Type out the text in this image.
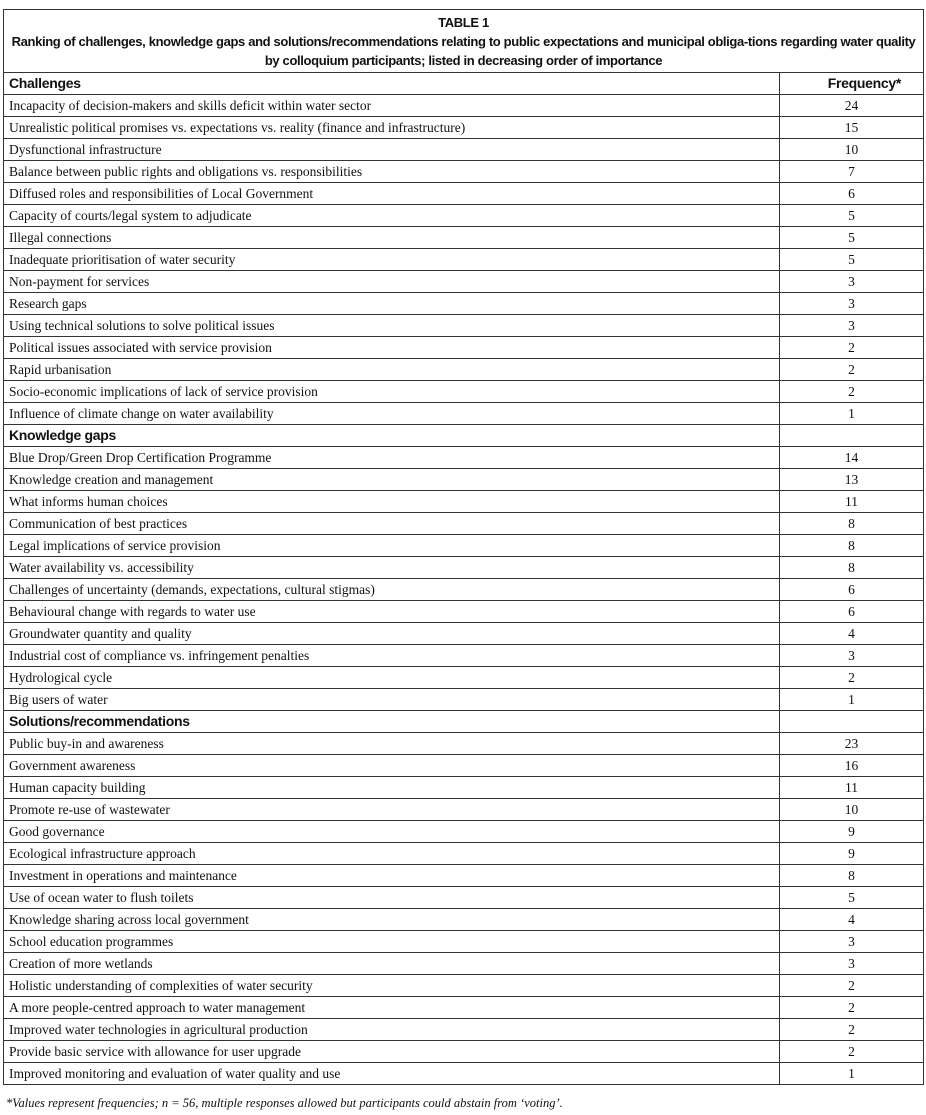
TABLE 1
Ranking of challenges, knowledge gaps and solutions/recommendations relating to public expectations and municipal obliga-tions regarding water quality by colloquium participants; listed in decreasing order of importance	

Challenges	Frequency*
Incapacity of decision-makers and skills deficit within water sector	24
Unrealistic political promises vs. expectations vs. reality (finance and infrastructure)	15
Dysfunctional infrastructure	10
Balance between public rights and obligations vs. responsibilities	7
Diffused roles and responsibilities of Local Government	6
Capacity of courts/legal system to adjudicate	5
Illegal connections	5
Inadequate prioritisation of water security	5
Non-payment for services	3
Research gaps	3
Using technical solutions to solve political issues	3
Political issues associated with service provision	2
Rapid urbanisation	2
Socio-economic implications of lack of service provision	2
Influence of climate change on water availability	1
Knowledge gaps	
Blue Drop/Green Drop Certification Programme	14
Knowledge creation and management	13
What informs human choices	11
Communication of best practices	8
Legal implications of service provision	8
Water availability vs. accessibility	8
Challenges of uncertainty (demands, expectations, cultural stigmas)	6
Behavioural change with regards to water use	6
Groundwater quantity and quality	4
Industrial cost of compliance vs. infringement penalties	3
Hydrological cycle	2
Big users of water	1
Solutions/recommendations	
Public buy-in and awareness	23
Government awareness	16
Human capacity building	11
Promote re-use of wastewater	10
Good governance	9
Ecological infrastructure approach	9
Investment in operations and maintenance	8
Use of ocean water to flush toilets	5
Knowledge sharing across local government	4
School education programmes	3
Creation of more wetlands	3
Holistic understanding of complexities of water security	2
A more people-centred approach to water management	2
Improved water technologies in agricultural production	2
Provide basic service with allowance for user upgrade	2
Improved monitoring and evaluation of water quality and use	1
*Values represent frequencies; n = 56, multiple responses allowed but participants could abstain from ‘voting’.
